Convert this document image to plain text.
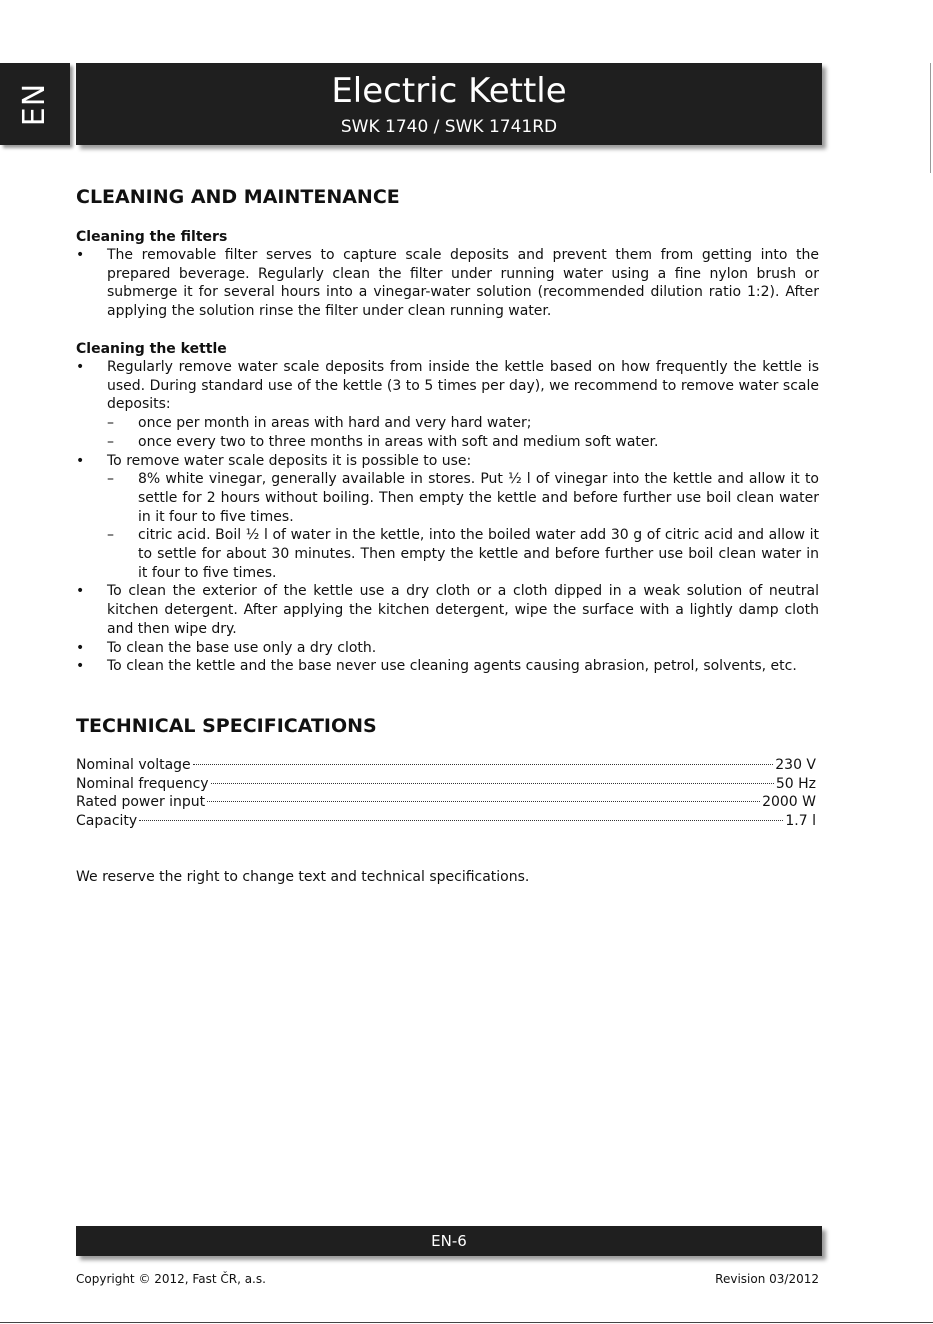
EN	Electric Kettle
SWK 1740 / SWK 1741RD
CLEANING AND MAINTENANCE
Cleaning the filters
• The removable filter serves to capture scale deposits and prevent them from getting into the prepared beverage. Regularly clean the filter under running water using a fine nylon brush or submerge it for several hours into a vinegar-water solution (recommended dilution ratio 1:2). After applying the solution rinse the filter under clean running water.
Cleaning the kettle
• Regularly remove water scale deposits from inside the kettle based on how frequently the kettle is used. During standard use of the kettle (3 to 5 times per day), we recommend to remove water scale deposits:
– once per month in areas with hard and very hard water;
– once every two to three months in areas with soft and medium soft water.
• To remove water scale deposits it is possible to use:
– 8% white vinegar, generally available in stores. Put ½ l of vinegar into the kettle and allow it to settle for 2 hours without boiling. Then empty the kettle and before further use boil clean water in it four to five times.
– citric acid. Boil ½ l of water in the kettle, into the boiled water add 30 g of citric acid and allow it to settle for about 30 minutes. Then empty the kettle and before further use boil clean water in it four to five times.
• To clean the exterior of the kettle use a dry cloth or a cloth dipped in a weak solution of neutral kitchen detergent. After applying the kitchen detergent, wipe the surface with a lightly damp cloth and then wipe dry.
• To clean the base use only a dry cloth.
• To clean the kettle and the base never use cleaning agents causing abrasion, petrol, solvents, etc.
TECHNICAL SPECIFICATIONS
Nominal voltage	230 V
Nominal frequency	50 Hz
Rated power input	2000 W
Capacity	1.7 l
We reserve the right to change text and technical specifications.
EN-6
Copyright © 2012, Fast ČR, a.s.	Revision 03/2012
